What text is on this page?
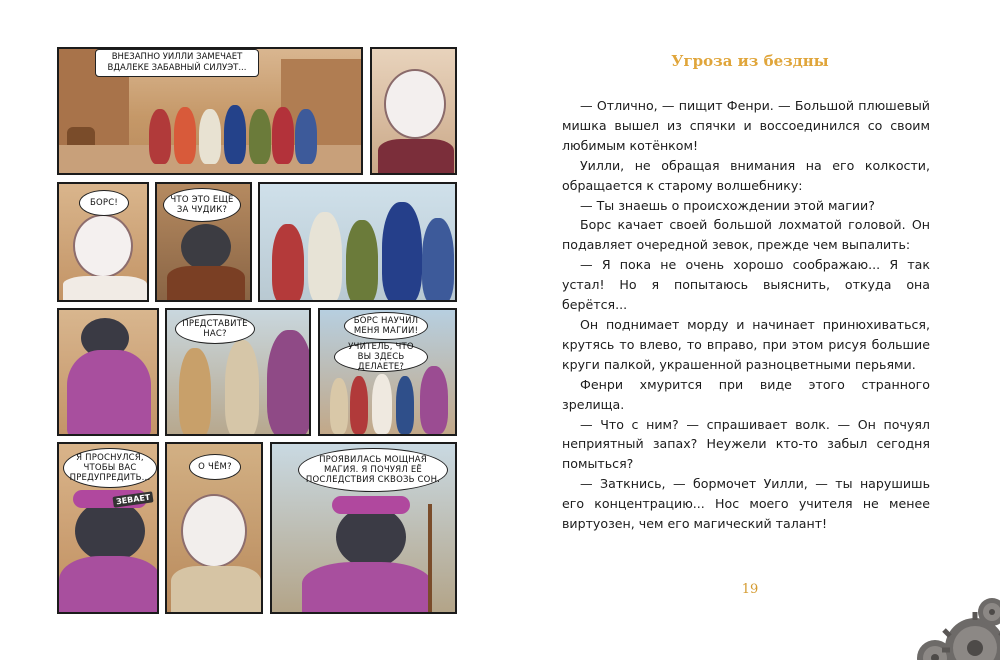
ВНЕЗАПНО УИЛЛИ ЗАМЕЧАЕТ ВДАЛЕКЕ ЗАБАВНЫЙ СИЛУЭТ...
БОРС!	ЧТО ЭТО ЕЩЁ ЗА ЧУДИК?
ПРЕДСТАВИТЕ НАС?
БОРС НАУЧИЛ МЕНЯ МАГИИ!
УЧИТЕЛЬ, ЧТО ВЫ ЗДЕСЬ ДЕЛАЕТЕ?
Я ПРОСНУЛСЯ, ЧТОБЫ ВАС ПРЕДУПРЕДИТЬ...
ЗЕВАЕТ
О ЧЁМ?
ПРОЯВИЛАСЬ МОЩНАЯ МАГИЯ. Я ПОЧУЯЛ ЕЁ ПОСЛЕДСТВИЯ СКВОЗЬ СОН.
Угроза из бездны

— Отлично, — пищит Фенри. — Большой плюшевый мишка вышел из спячки и воссоединился со своим любимым котёнком!

Уилли, не обращая внимания на его колкости, обращается к старому волшебнику:

— Ты знаешь о происхождении этой магии?

Борс качает своей большой лохматой головой. Он подавляет очередной зевок, прежде чем выпалить:

— Я пока не очень хорошо соображаю... Я так устал! Но я попытаюсь выяснить, откуда она берётся...

Он поднимает морду и начинает принюхиваться, крутясь то влево, то вправо, при этом рисуя большие круги палкой, украшенной разноцветными перьями.

Фенри хмурится при виде этого странного зрелища.

— Что с ним? — спрашивает волк. — Он почуял неприятный запах? Неужели кто-то забыл сегодня помыться?

— Заткнись, — бормочет Уилли, — ты нарушишь его концентрацию... Нос моего учителя не менее виртуозен, чем его магический талант!

19
